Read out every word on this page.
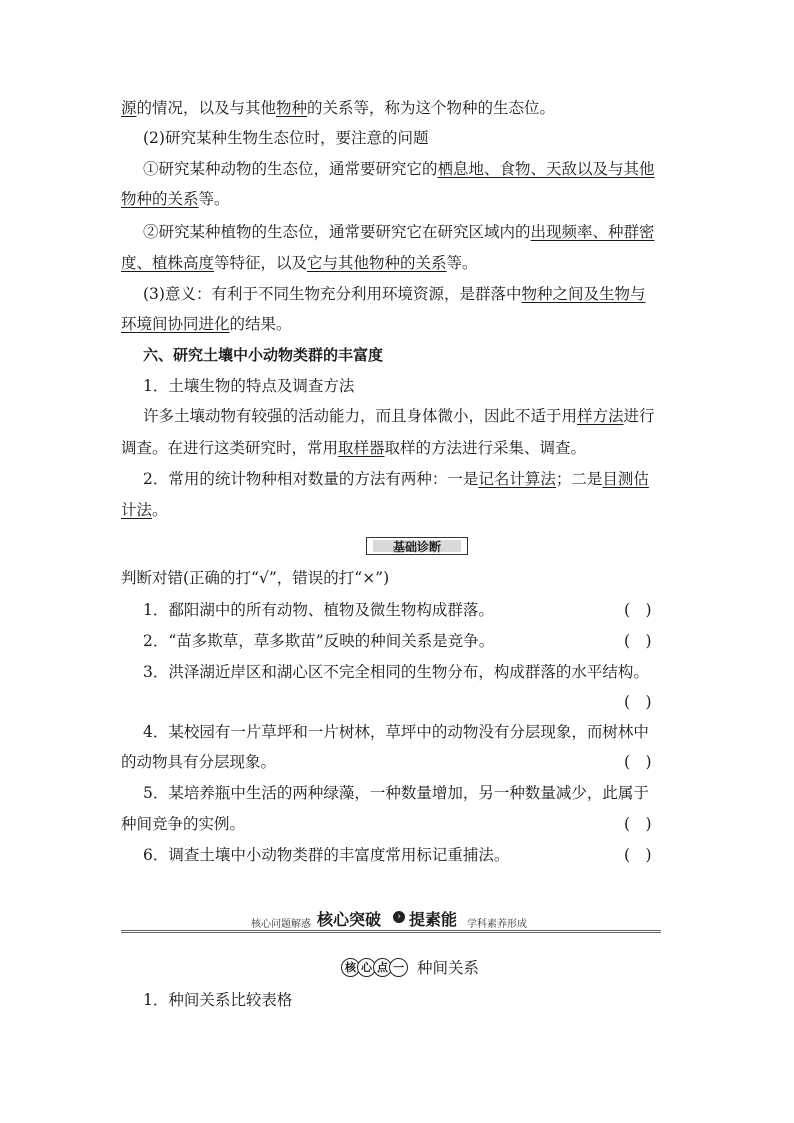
源的情况，以及与其他物种的关系等，称为这个物种的生态位。
(2)研究某种生物生态位时，要注意的问题
①研究某种动物的生态位，通常要研究它的栖息地、食物、天敌以及与其他
物种的关系等。
②研究某种植物的生态位，通常要研究它在研究区域内的出现频率、种群密
度、植株高度等特征，以及它与其他物种的关系等。
(3)意义：有利于不同生物充分利用环境资源，是群落中物种之间及生物与
环境间协同进化的结果。
六、研究土壤中小动物类群的丰富度
1．土壤生物的特点及调查方法
许多土壤动物有较强的活动能力，而且身体微小，因此不适于用样方法进行
调查。在进行这类研究时，常用取样器取样的方法进行采集、调查。
2．常用的统计物种相对数量的方法有两种：一是记名计算法；二是目测估
计法。
基础诊断
判断对错(正确的打“√”，错误的打“×”)
1．鄱阳湖中的所有动物、植物及微生物构成群落。	(　)
2．“苗多欺草，草多欺苗”反映的种间关系是竞争。	(　)
3．洪泽湖近岸区和湖心区不完全相同的生物分布，构成群落的水平结构。
(　)
4．某校园有一片草坪和一片树林，草坪中的动物没有分层现象，而树林中
的动物具有分层现象。	(　)
5．某培养瓶中生活的两种绿藻，一种数量增加，另一种数量减少，此属于
种间竞争的实例。	(　)
6．调查土壤中小动物类群的丰富度常用标记重捕法。	(　)
核心问题解惑 核心突破	› 提素能 学科素养形成
核 心 点 一 种间关系
1．种间关系比较表格
